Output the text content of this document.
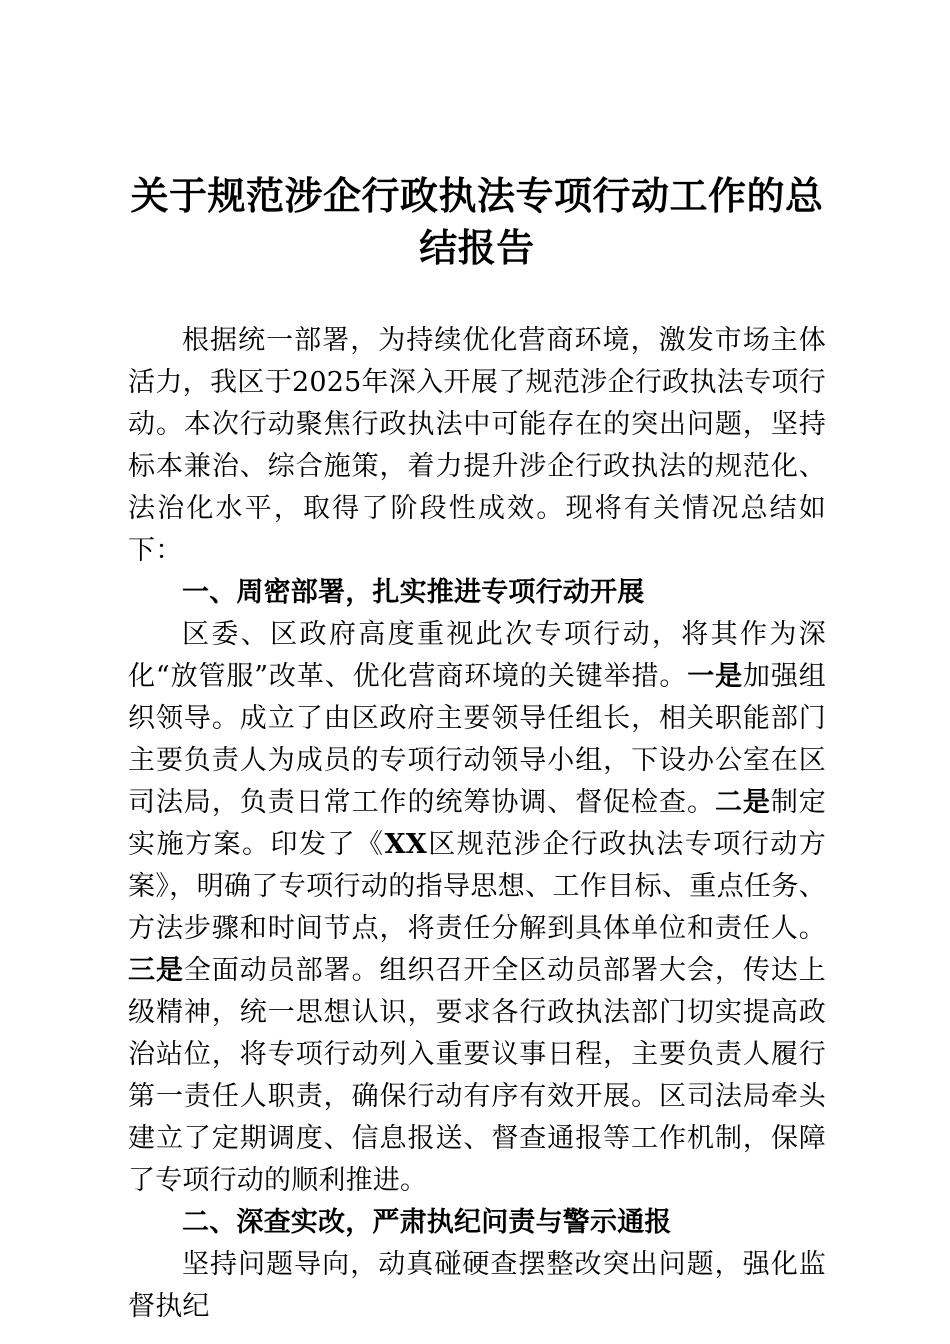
关于规范涉企行政执法专项行动工作的总结报告

根据统一部署，为持续优化营商环境，激发市场主体活力，我区于2025年深入开展了规范涉企行政执法专项行动。本次行动聚焦行政执法中可能存在的突出问题，坚持标本兼治、综合施策，着力提升涉企行政执法的规范化、法治化水平，取得了阶段性成效。现将有关情况总结如下：

一、周密部署，扎实推进专项行动开展

区委、区政府高度重视此次专项行动，将其作为深化“放管服”改革、优化营商环境的关键举措。一是加强组织领导。成立了由区政府主要领导任组长，相关职能部门主要负责人为成员的专项行动领导小组，下设办公室在区司法局，负责日常工作的统筹协调、督促检查。二是制定实施方案。印发了《XX区规范涉企行政执法专项行动方案》，明确了专项行动的指导思想、工作目标、重点任务、方法步骤和时间节点，将责任分解到具体单位和责任人。三是全面动员部署。组织召开全区动员部署大会，传达上级精神，统一思想认识，要求各行政执法部门切实提高政治站位，将专项行动列入重要议事日程，主要负责人履行第一责任人职责，确保行动有序有效开展。区司法局牵头建立了定期调度、信息报送、督查通报等工作机制，保障了专项行动的顺利推进。

二、深查实改，严肃执纪问责与警示通报

坚持问题导向，动真碰硬查摆整改突出问题，强化监督执纪
